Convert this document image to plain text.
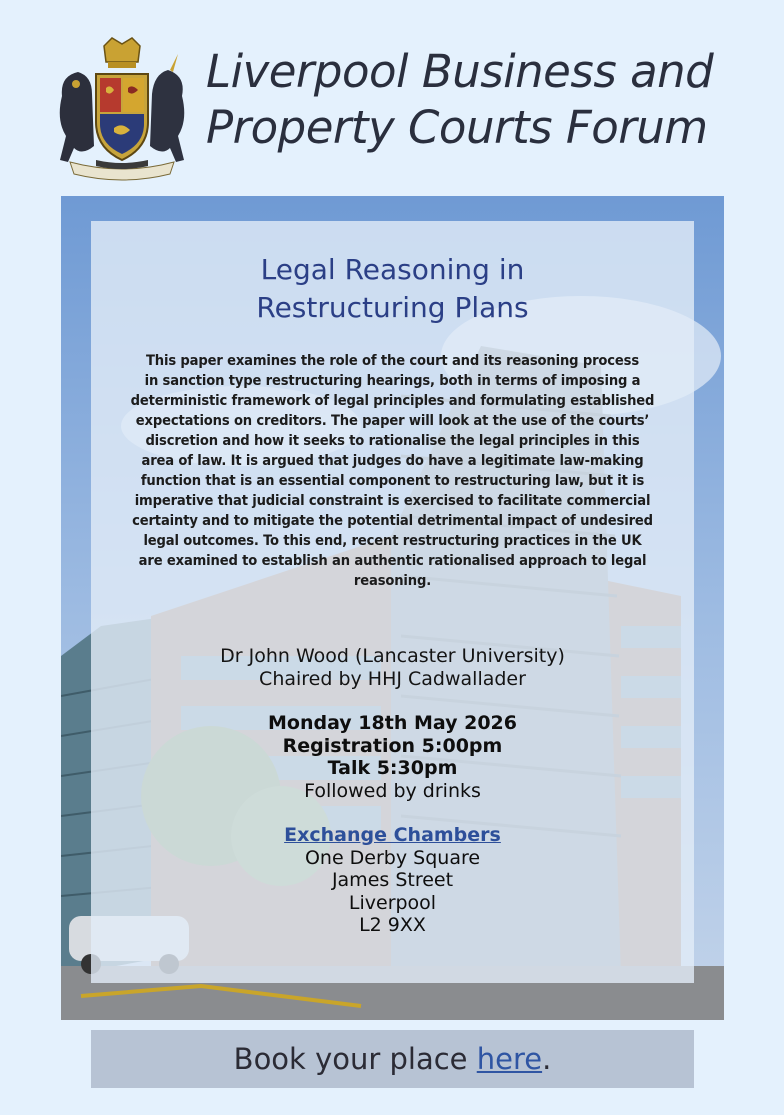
Liverpool Business and
Property Courts Forum
Legal Reasoning in
Restructuring Plans
This paper examines the role of the court and its reasoning process
in sanction type restructuring hearings, both in terms of imposing a
deterministic framework of legal principles and formulating established
expectations on creditors. The paper will look at the use of the courts’
discretion and how it seeks to rationalise the legal principles in this
area of law. It is argued that judges do have a legitimate law-making
function that is an essential component to restructuring law, but it is
imperative that judicial constraint is exercised to facilitate commercial
certainty and to mitigate the potential detrimental impact of undesired
legal outcomes. To this end, recent restructuring practices in the UK
are examined to establish an authentic rationalised approach to legal
reasoning.
Dr John Wood (Lancaster University)
Chaired by HHJ Cadwallader
Monday 18th May 2026
Registration 5:00pm
Talk 5:30pm
Followed by drinks
Exchange Chambers
One Derby Square
James Street
Liverpool
L2 9XX
Book your place here.
